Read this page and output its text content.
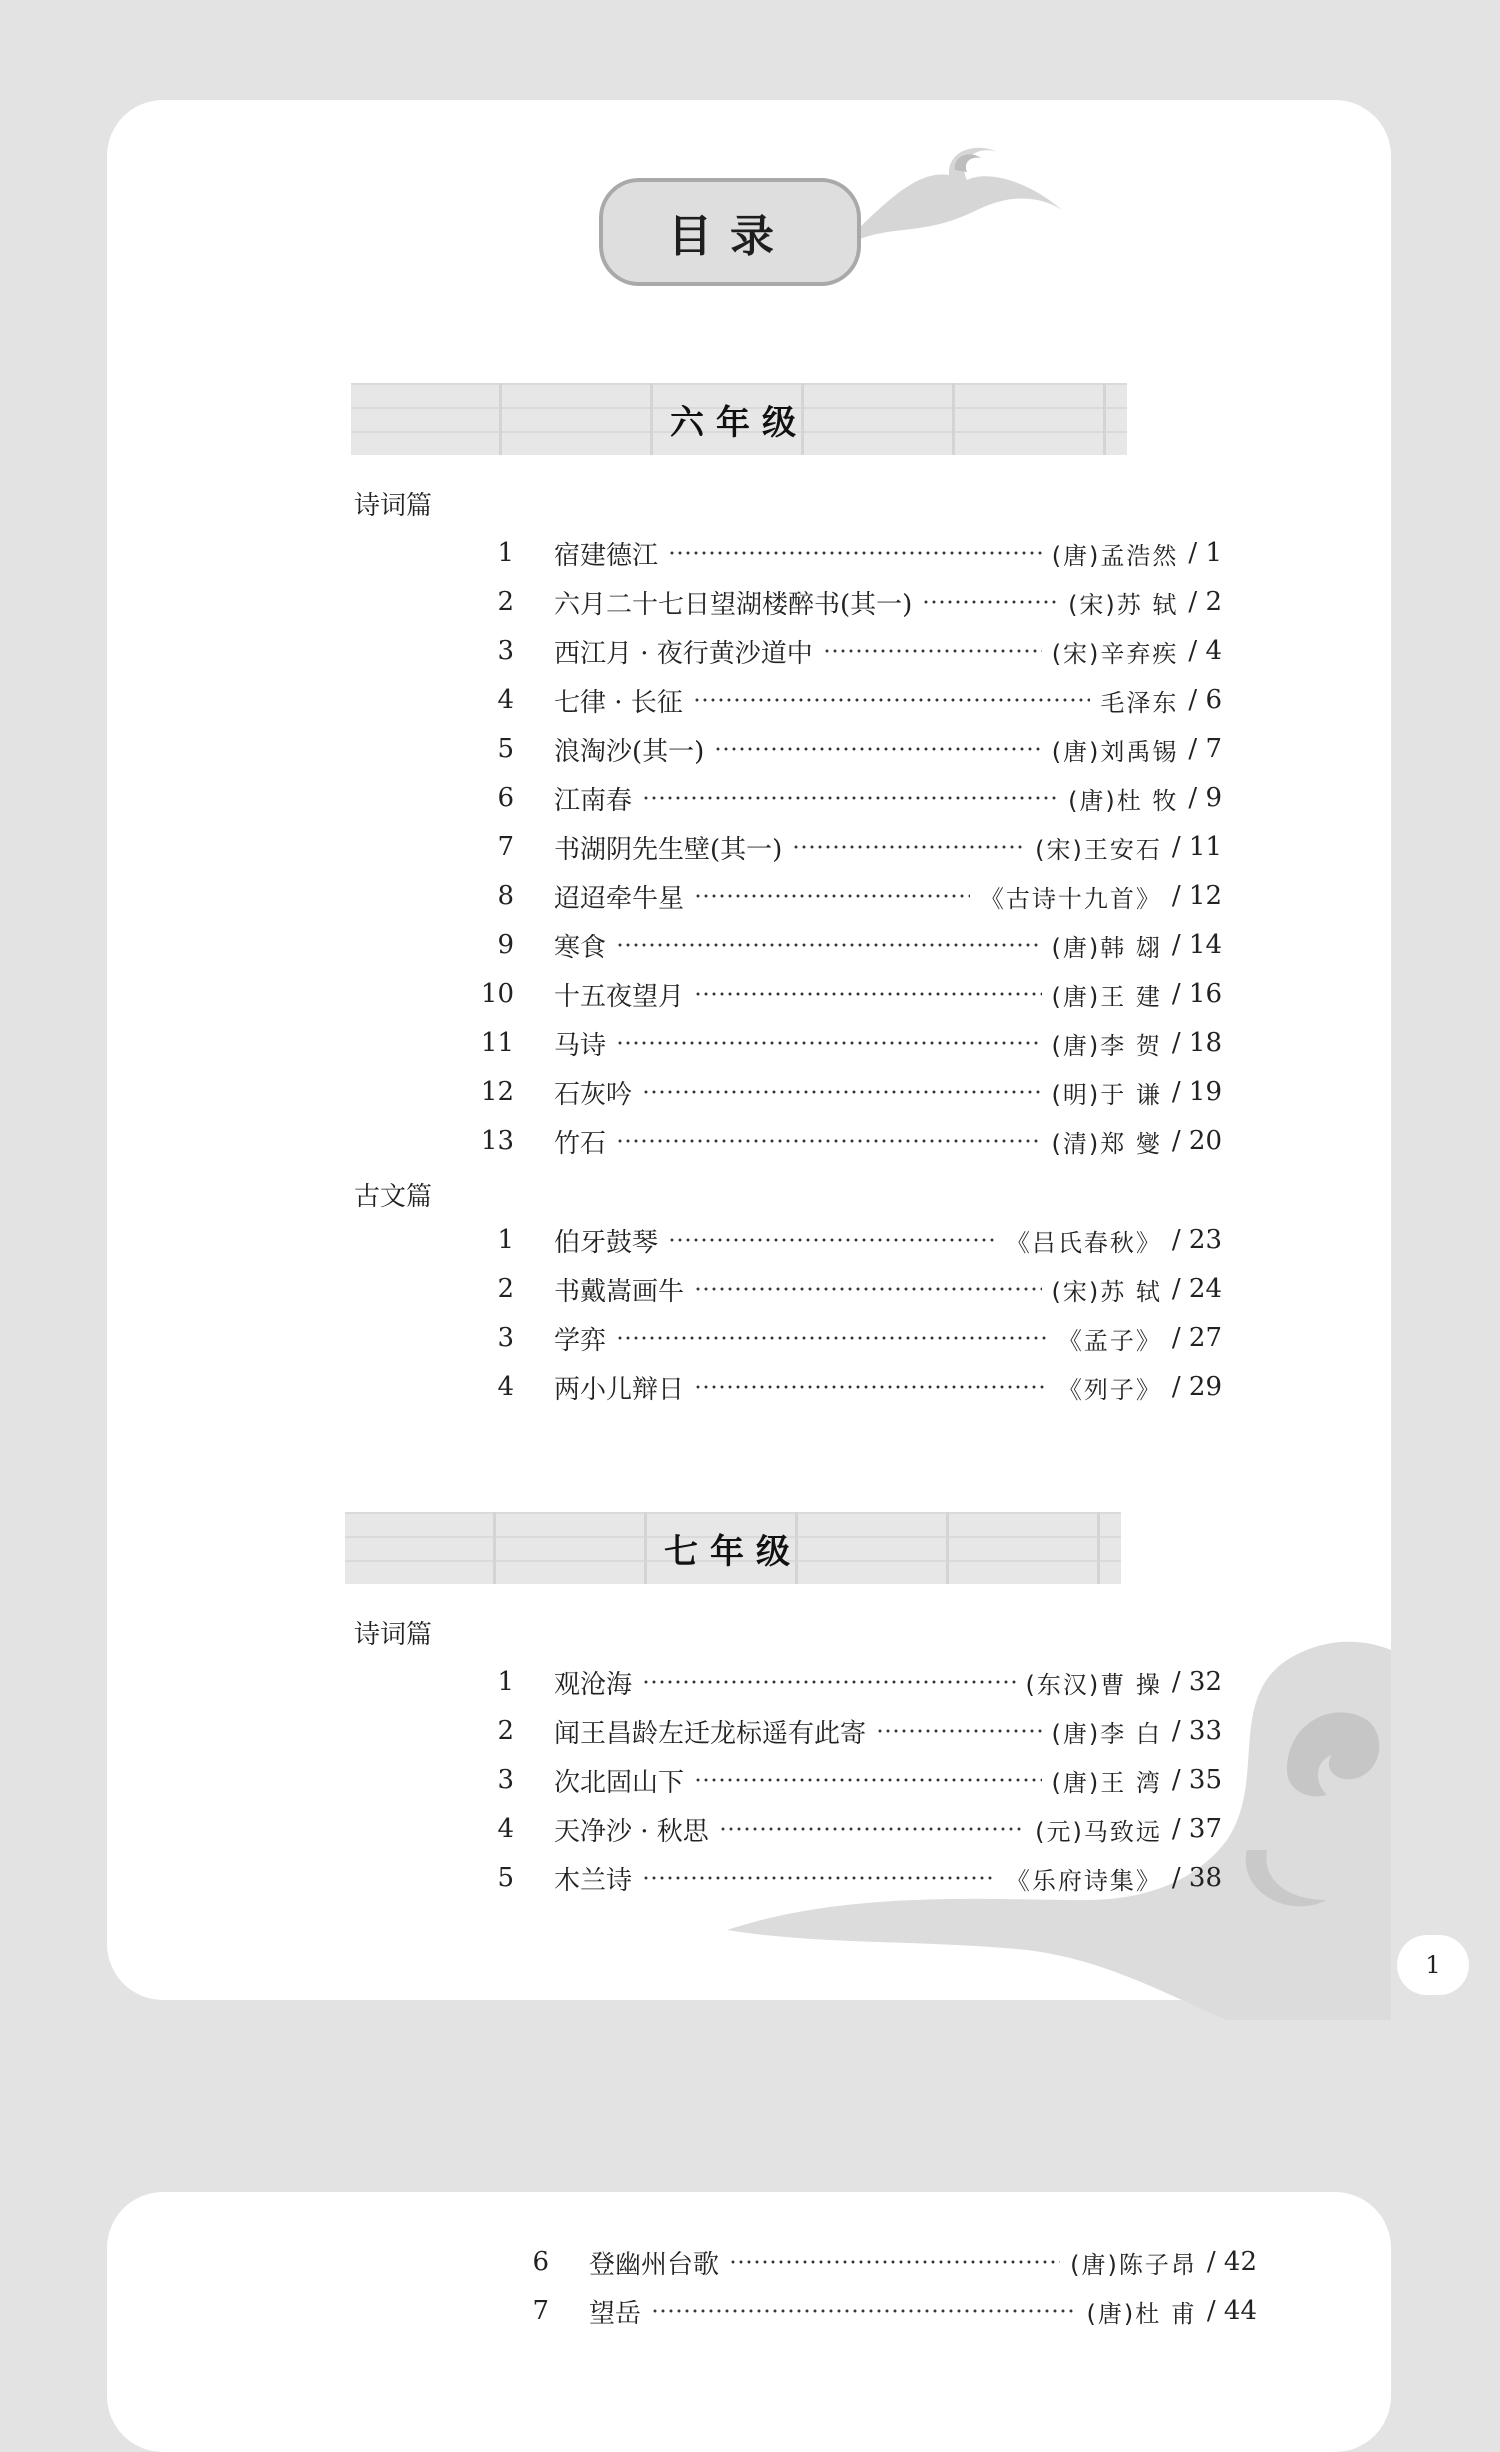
目录
六年级
诗词篇
1 宿建德江	(唐)孟浩然 / 1
2 六月二十七日望湖楼醉书(其一)	(宋)苏 轼 / 2
3 西江月 · 夜行黄沙道中	(宋)辛弃疾 / 4
4 七律 · 长征	毛泽东 / 6
5 浪淘沙(其一)	(唐)刘禹锡 / 7
6 江南春	(唐)杜 牧 / 9
7 书湖阴先生壁(其一)	(宋)王安石 / 11
8 迢迢牵牛星	《古诗十九首》 / 12
9 寒食	(唐)韩 翃 / 14
10 十五夜望月	(唐)王 建 / 16
11 马诗	(唐)李 贺 / 18
12 石灰吟	(明)于 谦 / 19
13 竹石	(清)郑 燮 / 20
古文篇
1 伯牙鼓琴	《吕氏春秋》 / 23
2 书戴嵩画牛	(宋)苏 轼 / 24
3 学弈	《孟子》 / 27
4 两小儿辩日	《列子》 / 29
七年级
诗词篇
1 观沧海	(东汉)曹 操 / 32
2 闻王昌龄左迁龙标遥有此寄	(唐)李 白 / 33
3 次北固山下	(唐)王 湾 / 35
4 天净沙 · 秋思	(元)马致远 / 37
5 木兰诗	《乐府诗集》 / 38
1
6 登幽州台歌	(唐)陈子昂 / 42
7 望岳	(唐)杜 甫 / 44
